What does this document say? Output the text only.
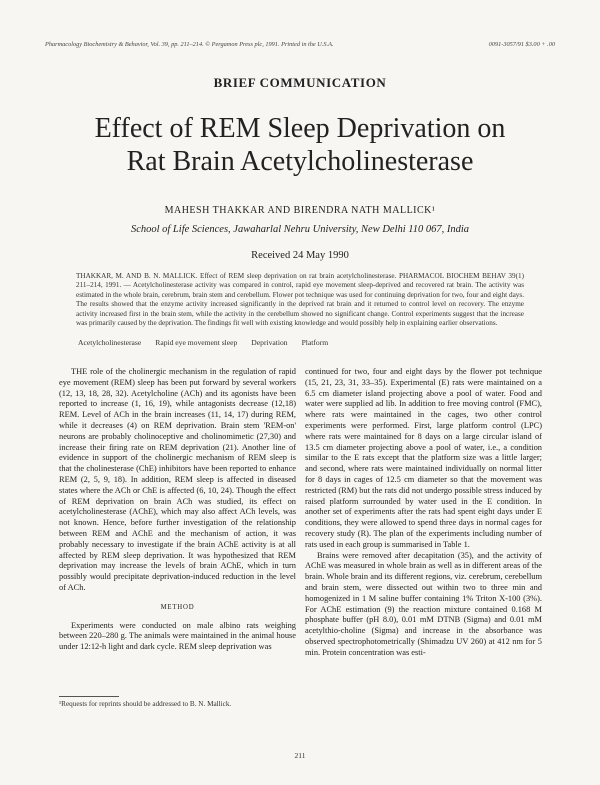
Pharmacology Biochemistry & Behavior, Vol. 39, pp. 211–214. © Pergamon Press plc, 1991. Printed in the U.S.A.	0091-3057/91 $3.00 + .00
BRIEF COMMUNICATION
Effect of REM Sleep Deprivation on
Rat Brain Acetylcholinesterase
MAHESH THAKKAR AND BIRENDRA NATH MALLICK¹
School of Life Sciences, Jawaharlal Nehru University, New Delhi 110 067, India
Received 24 May 1990
THAKKAR, M. AND B. N. MALLICK. Effect of REM sleep deprivation on rat brain acetylcholinesterase. PHARMACOL BIOCHEM BEHAV 39(1) 211–214, 1991. — Acetylcholinesterase activity was compared in control, rapid eye movement sleep-deprived and recovered rat brain. The activity was estimated in the whole brain, cerebrum, brain stem and cerebellum. Flower pot technique was used for continuing deprivation for two, four and eight days. The results showed that the enzyme activity increased significantly in the deprived rat brain and it returned to control level on recovery. The enzyme activity increased first in the brain stem, while the activity in the cerebellum showed no significant change. Control experiments suggest that the increase was primarily caused by the deprivation. The findings fit well with existing knowledge and would possibly help in explaining earlier observations.
Acetylcholinesterase Rapid eye movement sleep Deprivation Platform

THE role of the cholinergic mechanism in the regulation of rapid eye movement (REM) sleep has been put forward by several workers (12, 13, 18, 28, 32). Acetylcholine (ACh) and its agonists have been reported to increase (1, 16, 19), while antagonists decrease (12,18) REM. Level of ACh in the brain increases (11, 14, 17) during REM, while it decreases (4) on REM deprivation. Brain stem 'REM-on' neurons are probably cholinoceptive and cholinomimetic (27,30) and increase their firing rate on REM deprivation (21). Another line of evidence in support of the cholinergic mechanism of REM sleep is that the cholinesterase (ChE) inhibitors have been reported to enhance REM (2, 5, 9, 18). In addition, REM sleep is affected in diseased states where the ACh or ChE is affected (6, 10, 24). Though the effect of REM deprivation on brain ACh was studied, its effect on acetylcholinesterase (AChE), which may also affect ACh levels, was not known. Hence, before further investigation of the relationship between REM and AChE and the mechanism of action, it was probably necessary to investigate if the brain AChE activity is at all affected by REM sleep deprivation. It was hypothesized that REM deprivation may increase the levels of brain AChE, which in turn possibly would precipitate deprivation-induced reduction in the level of ACh.

METHOD

Experiments were conducted on male albino rats weighing between 220–280 g. The animals were maintained in the animal house under 12:12-h light and dark cycle. REM sleep deprivation was

continued for two, four and eight days by the flower pot technique (15, 21, 23, 31, 33–35). Experimental (E) rats were maintained on a 6.5 cm diameter island projecting above a pool of water. Food and water were supplied ad lib. In addition to free moving control (FMC), where rats were maintained in the cages, two other control experiments were performed. First, large platform control (LPC) where rats were maintained for 8 days on a large circular island of 13.5 cm diameter projecting above a pool of water, i.e., a condition similar to the E rats except that the platform size was a little larger; and second, where rats were maintained individually on normal litter for 8 days in cages of 12.5 cm diameter so that the movement was restricted (RM) but the rats did not undergo possible stress induced by raised platform surrounded by water used in the E condition. In another set of experiments after the rats had spent eight days under E conditions, they were allowed to spend three days in normal cages for recovery study (R). The plan of the experiments including number of rats used in each group is summarised in Table 1.

Brains were removed after decapitation (35), and the activity of AChE was measured in whole brain as well as in different areas of the brain. Whole brain and its different regions, viz. cerebrum, cerebellum and brain stem, were dissected out within two to three min and homogenized in 1 M saline buffer containing 1% Triton X-100 (3%). For AChE estimation (9) the reaction mixture contained 0.168 M phosphate buffer (pH 8.0), 0.01 mM DTNB (Sigma) and 0.01 mM acetylthio-choline (Sigma) and increase in the absorbance was observed spectrophotometrically (Shimadzu UV 260) at 412 nm for 5 min. Protein concentration was esti-

¹Requests for reprints should be addressed to B. N. Mallick.
211
